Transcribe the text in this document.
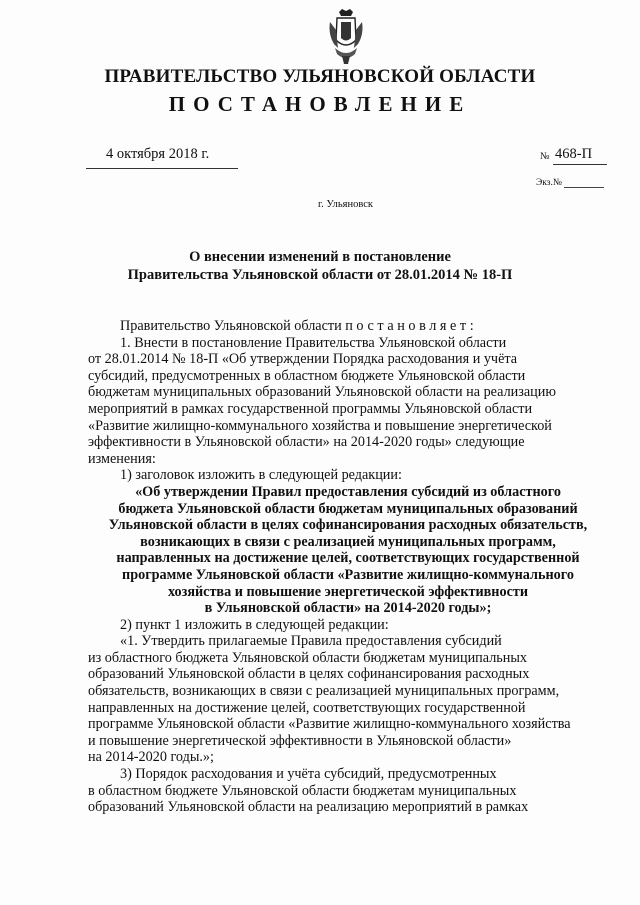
ПРАВИТЕЛЬСТВО УЛЬЯНОВСКОЙ ОБЛАСТИ
ПОСТАНОВЛЕНИЕ
4 октября 2018 г.	№ 468-П
Экз.№
г. Ульяновск
О внесении изменений в постановление
Правительства Ульяновской области от 28.01.2014 № 18-П
Правительство Ульяновской области постановляет:
1. Внести в постановление Правительства Ульяновской области
от 28.01.2014 № 18-П «Об утверждении Порядка расходования и учёта
субсидий, предусмотренных в областном бюджете Ульяновской области
бюджетам муниципальных образований Ульяновской области на реализацию
мероприятий в рамках государственной программы Ульяновской области
«Развитие жилищно-коммунального хозяйства и повышение энергетической
эффективности в Ульяновской области» на 2014-2020 годы» следующие
изменения:
1) заголовок изложить в следующей редакции:
«Об утверждении Правил предоставления субсидий из областного
бюджета Ульяновской области бюджетам муниципальных образований
Ульяновской области в целях софинансирования расходных обязательств,
возникающих в связи с реализацией муниципальных программ,
направленных на достижение целей, соответствующих государственной
программе Ульяновской области «Развитие жилищно-коммунального
хозяйства и повышение энергетической эффективности
в Ульяновской области» на 2014-2020 годы»;
2) пункт 1 изложить в следующей редакции:
«1. Утвердить прилагаемые Правила предоставления субсидий
из областного бюджета Ульяновской области бюджетам муниципальных
образований Ульяновской области в целях софинансирования расходных
обязательств, возникающих в связи с реализацией муниципальных программ,
направленных на достижение целей, соответствующих государственной
программе Ульяновской области «Развитие жилищно-коммунального хозяйства
и повышение энергетической эффективности в Ульяновской области»
на 2014-2020 годы.»;
3) Порядок расходования и учёта субсидий, предусмотренных
в областном бюджете Ульяновской области бюджетам муниципальных
образований Ульяновской области на реализацию мероприятий в рамках
